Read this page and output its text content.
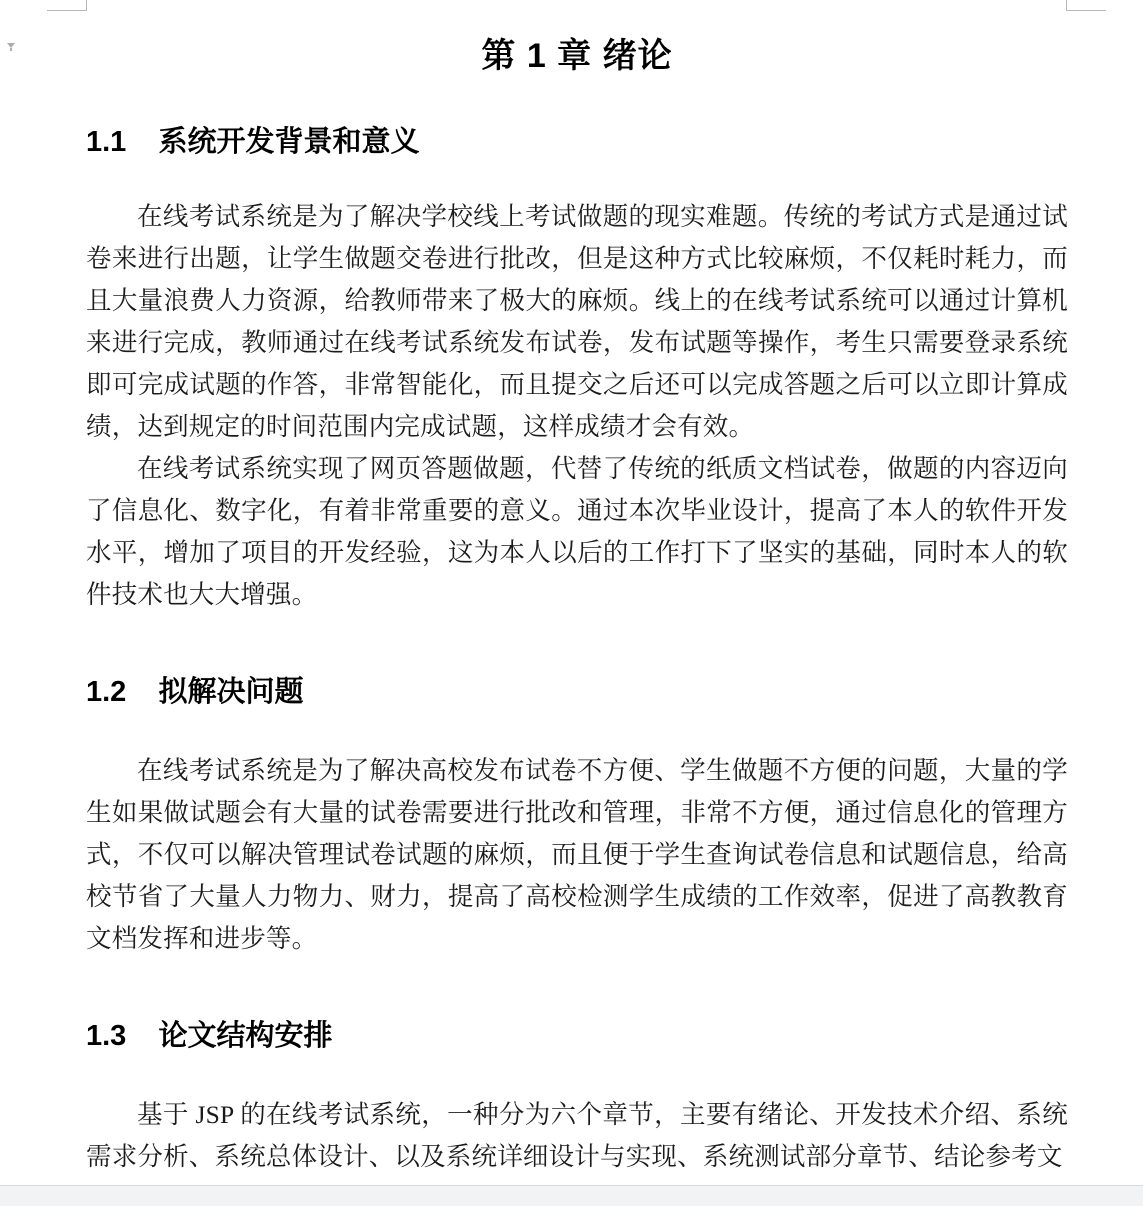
第 1 章 绪论
1.1    系统开发背景和意义

在线考试系统是为了解决学校线上考试做题的现实难题。传统的考试方式是通过试卷来进行出题，让学生做题交卷进行批改，但是这种方式比较麻烦，不仅耗时耗力，而且大量浪费人力资源，给教师带来了极大的麻烦。线上的在线考试系统可以通过计算机来进行完成，教师通过在线考试系统发布试卷，发布试题等操作，考生只需要登录系统即可完成试题的作答，非常智能化，而且提交之后还可以完成答题之后可以立即计算成绩，达到规定的时间范围内完成试题，这样成绩才会有效。

在线考试系统实现了网页答题做题，代替了传统的纸质文档试卷，做题的内容迈向了信息化、数字化，有着非常重要的意义。通过本次毕业设计，提高了本人的软件开发水平，增加了项目的开发经验，这为本人以后的工作打下了坚实的基础，同时本人的软件技术也大大增强。

1.2    拟解决问题

在线考试系统是为了解决高校发布试卷不方便、学生做题不方便的问题，大量的学生如果做试题会有大量的试卷需要进行批改和管理，非常不方便，通过信息化的管理方式，不仅可以解决管理试卷试题的麻烦，而且便于学生查询试卷信息和试题信息，给高校节省了大量人力物力、财力，提高了高校检测学生成绩的工作效率，促进了高教教育文档发挥和进步等。

1.3    论文结构安排

基于 JSP 的在线考试系统，一种分为六个章节，主要有绪论、开发技术介绍、系统需求分析、系统总体设计、以及系统详细设计与实现、系统测试部分章节、结论参考文
